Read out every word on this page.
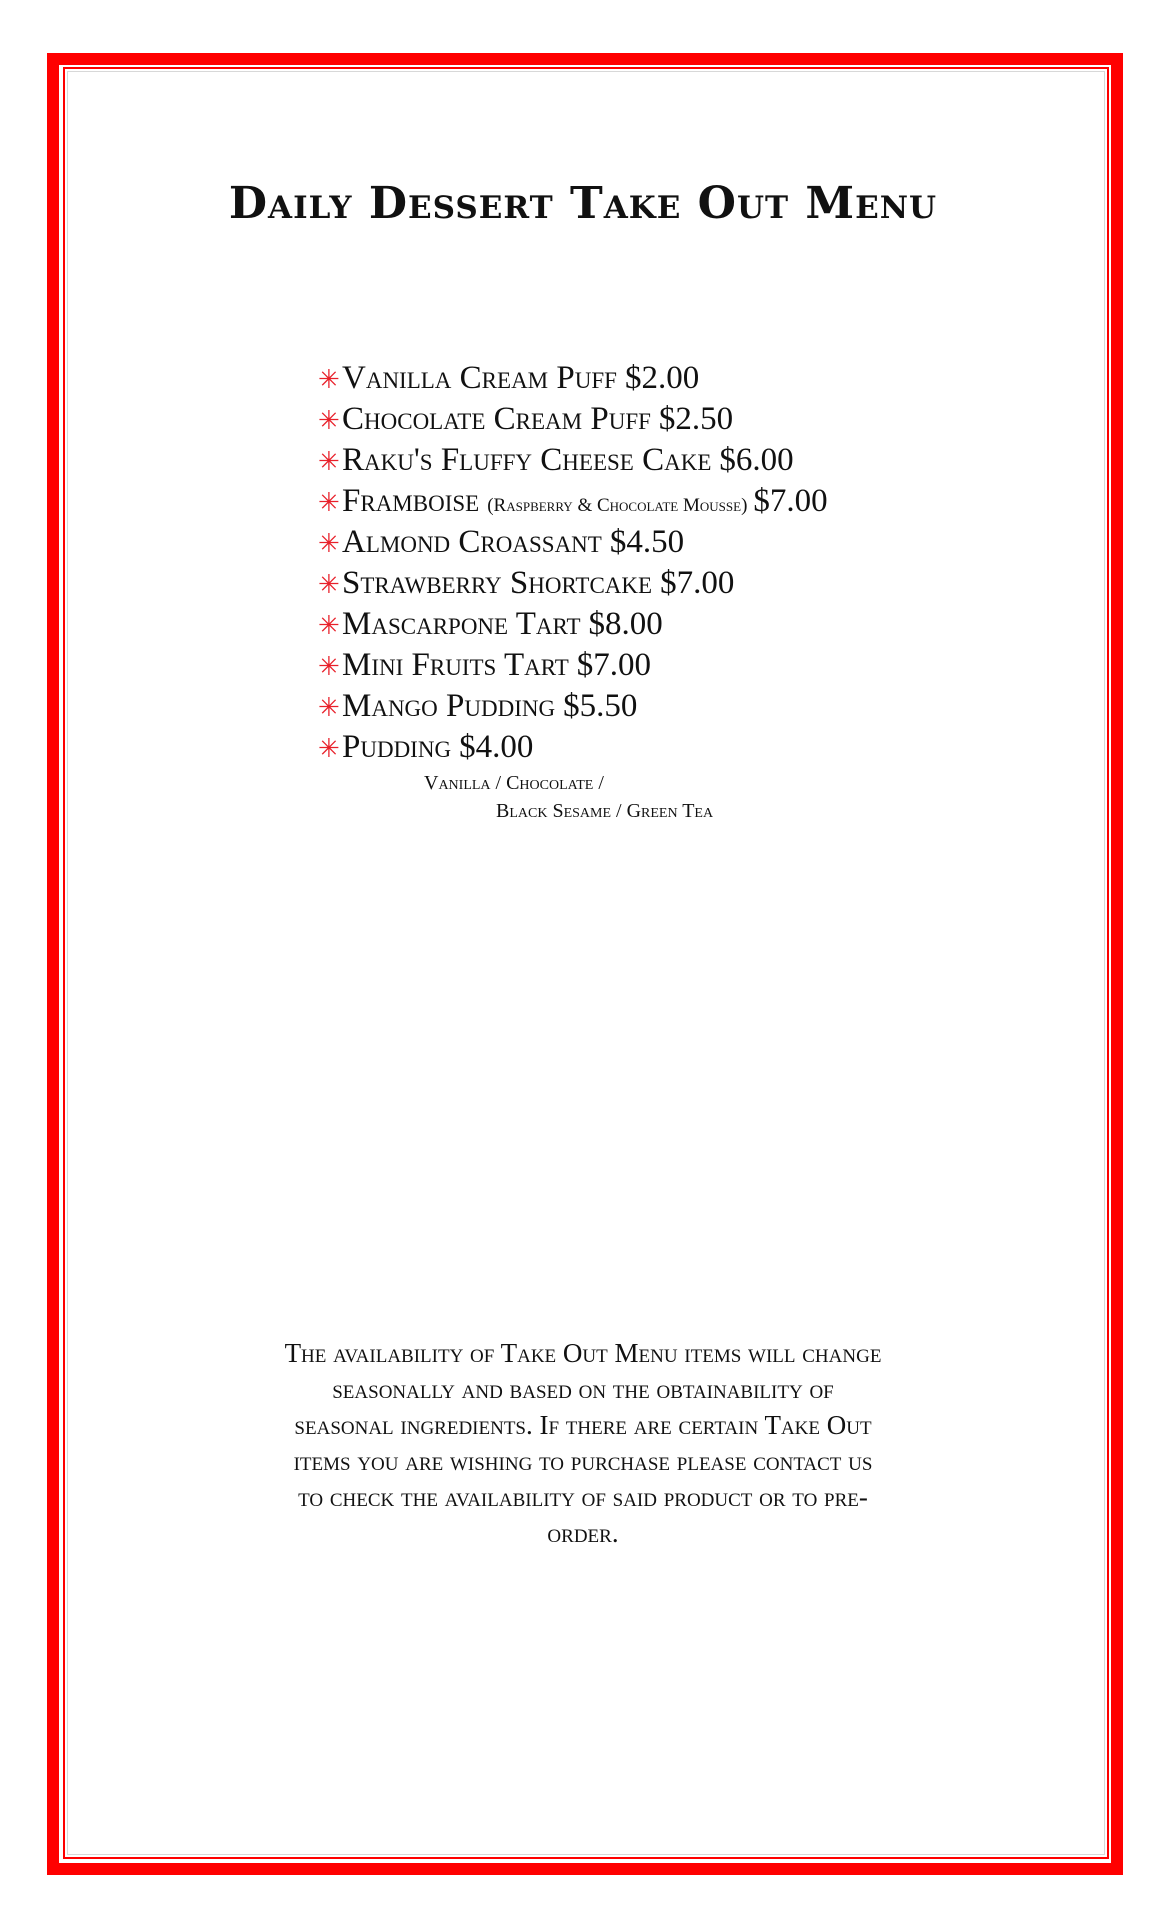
Daily Dessert Take Out Menu
✳ Vanilla Cream Puff $2.00
✳ Chocolate Cream Puff $2.50
✳ Raku's Fluffy Cheese Cake $6.00
✳ Framboise (Raspberry & Chocolate Mousse) $7.00
✳ Almond Croassant $4.50
✳ Strawberry Shortcake $7.00
✳ Mascarpone Tart $8.00
✳ Mini Fruits Tart $7.00
✳ Mango Pudding $5.50
✳ Pudding $4.00
Vanilla / Chocolate /
Black Sesame / Green Tea

The availability of Take Out Menu items will change seasonally and based on the obtainability of seasonal ingredients. If there are certain Take Out items you are wishing to purchase please contact us to check the availability of said product or to pre-order.
